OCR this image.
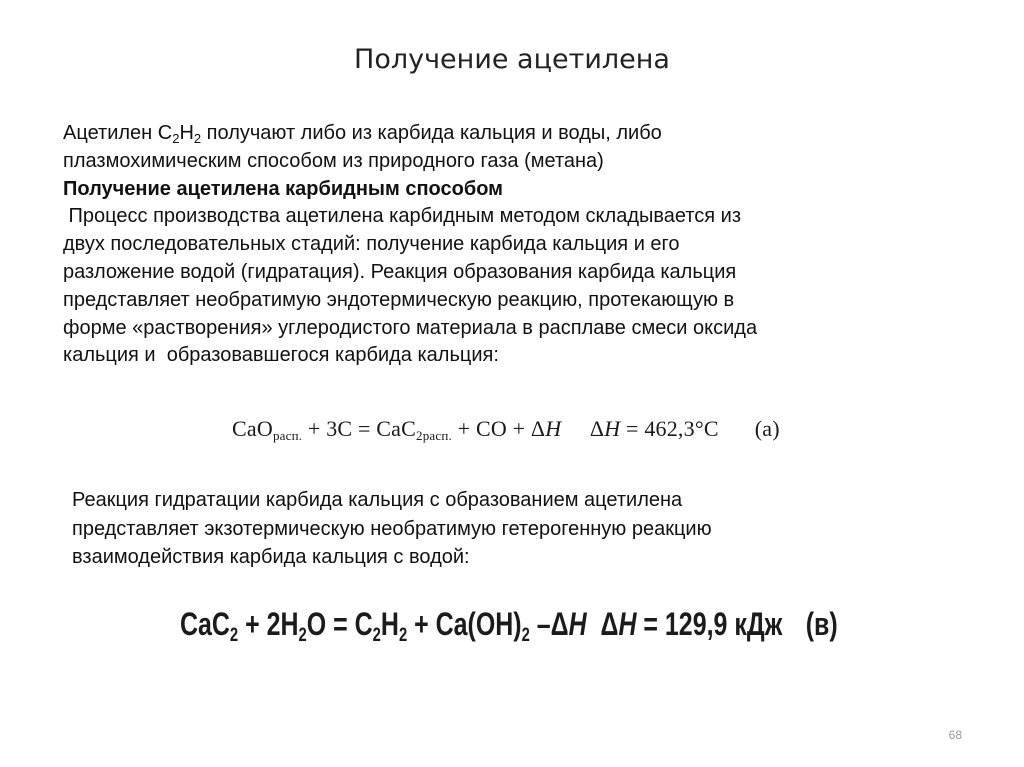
Получение ацетилена
Ацетилен $С_2Н_2$ получают либо из карбида кальция и воды, либо
плазмохимическим способом из природного газа (метана)
Получение ацетилена карбидным способом
Процесс производства ацетилена карбидным методом складывается из
двух последовательных стадий: получение карбида кальция и его
разложение водой (гидратация). Реакция образования карбида кальция
представляет необратимую эндотермическую реакцию, протекающую в
форме «растворения» углеродистого материала в расплаве смеси оксида
кальция и  образовавшегося карбида кальция:
CaOрасп. + 3C = CaC2расп. + CO + ΔH     ΔH = 462,3°С (а)
Реакция гидратации карбида кальция с образованием ацетилена
представляет экзотермическую необратимую гетерогенную реакцию
взаимодействия карбида кальция с водой:
$CaC_2 + 2H_2O = C_2H_2 + Ca(OH)_2$ –ΔH  ΔH = 129,9 кДж (в)
68
